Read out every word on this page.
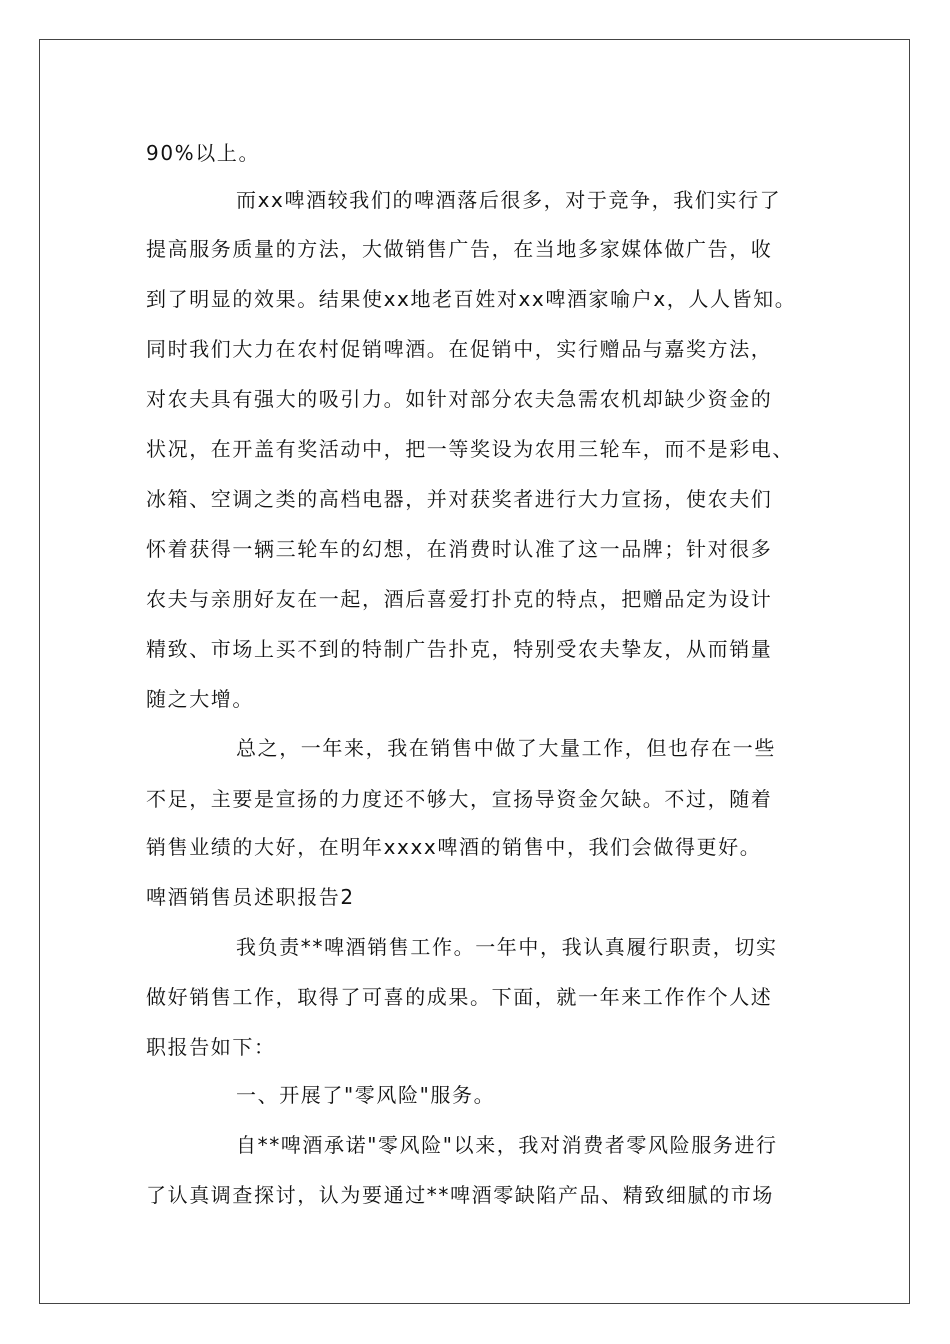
90%以上。
而xx啤酒较我们的啤酒落后很多，对于竞争，我们实行了
提高服务质量的方法，大做销售广告，在当地多家媒体做广告，收
到了明显的效果。结果使xx地老百姓对xx啤酒家喻户x，人人皆知。
同时我们大力在农村促销啤酒。在促销中，实行赠品与嘉奖方法，
对农夫具有强大的吸引力。如针对部分农夫急需农机却缺少资金的
状况，在开盖有奖活动中，把一等奖设为农用三轮车，而不是彩电、
冰箱、空调之类的高档电器，并对获奖者进行大力宣扬，使农夫们
怀着获得一辆三轮车的幻想，在消费时认准了这一品牌；针对很多
农夫与亲朋好友在一起，酒后喜爱打扑克的特点，把赠品定为设计
精致、市场上买不到的特制广告扑克，特别受农夫挚友，从而销量
随之大增。
总之，一年来，我在销售中做了大量工作，但也存在一些
不足，主要是宣扬的力度还不够大，宣扬导资金欠缺。不过，随着
销售业绩的大好，在明年xxxx啤酒的销售中，我们会做得更好。
啤酒销售员述职报告2
我负责**啤酒销售工作。一年中，我认真履行职责，切实
做好销售工作，取得了可喜的成果。下面，就一年来工作作个人述
职报告如下：
一、开展了"零风险"服务。
自**啤酒承诺"零风险"以来，我对消费者零风险服务进行
了认真调查探讨，认为要通过**啤酒零缺陷产品、精致细腻的市场
